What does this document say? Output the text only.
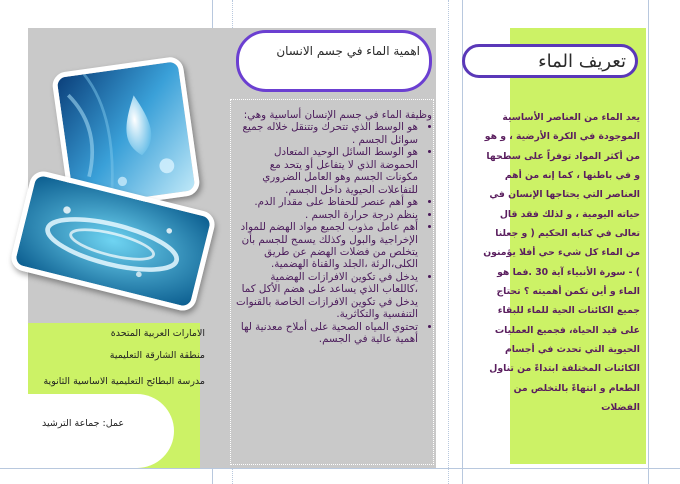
الامارات العربية المتحدة
منطقة الشارقة التعليمية
مدرسة البطائح التعليمية الاساسية الثانوية
عمل: جماعة الترشيد
اهمية الماء في جسم الانسان

وظيفة الماء في جسم الإنسان أساسية وهي:

• هو الوسط الذي تتحرك وتتنقل خلاله جميع سوائل الجسم .
• هو الوسط السائل الوحيد المتعادل الحموضة الذي لا يتفاعل أو يتحد مع مكونات الجسم وهو العامل الضروري للتفاعلات الحيوية داخل الجسم.
• هو أهم عنصر للحفاظ على مقدار الدم.
• ينظم درجة حرارة الجسم .
• أهم عامل مذوب لجميع مواد الهضم للمواد الإخراجية والبول وكذلك يسمح للجسم بأن يتخلص من فضلات الهضم عن طريق الكلى،الرئة ،الجلد والقناة الهضمية.
• يدخل في تكوين الافرازات الهضمية ،كاللعاب الذي يساعد على هضم الأكل كما يدخل في تكوين الافرازات الخاصة بالقنوات التنفسية والتكاثرية.
• تحتوي المياه الصحية على أملاح معدنية لها أهمية عالية في الجسم.
تعريف الماء
يعد الماء من العناصر الأساسية الموجودة في الكرة الأرضية ، و هو من أكثر المواد توفراً على سطحها و في باطنها ، كما إنه من أهم العناصر التي يحتاجها الإنسان في حياته اليومية ، و لذلك فقد قال تعالى في كتابه الحكيم ( و جعلنا من الماء كل شيء حي أفلا يؤمنون ) - سورة الأنبياء آية 30 .فما هو الماء و أين تكمن أهميته ؟ تحتاج جميع الكائنات الحية للماء للبقاء على قيد الحياة، فجميع العمليات الحيوية التي تحدث في أجسام الكائنات المختلفة ابتداءً من تناول الطعام و انتهاءً بالتخلص من الفضلات
